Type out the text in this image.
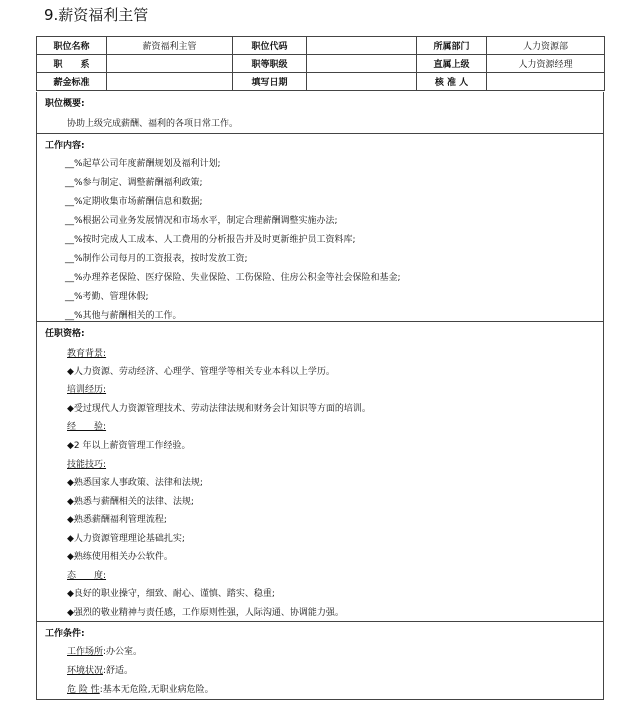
9.薪资福利主管
职位名称	薪资福利主管	职位代码		所属部门	人力资源部
职　　系		职等职级		直属上级	人力资源经理
薪金标准		填写日期		核 准 人	
职位概要:
协助上级完成薪酬、福利的各项日常工作。
工作内容:
__%起草公司年度薪酬规划及福利计划;
__%参与制定、调整薪酬福利政策;
__%定期收集市场薪酬信息和数据;
__%根据公司业务发展情况和市场水平，制定合理薪酬调整实施办法;
__%按时完成人工成本、人工费用的分析报告并及时更新维护员工资料库;
__%制作公司每月的工资报表，按时发放工资;
__%办理养老保险、医疗保险、失业保险、工伤保险、住房公积金等社会保险和基金;
__%考勤、管理休假;
__%其他与薪酬相关的工作。
任职资格:
教育背景:
◆人力资源、劳动经济、心理学、管理学等相关专业本科以上学历。
培训经历:
◆受过现代人力资源管理技术、劳动法律法规和财务会计知识等方面的培训。
经　　验:
◆2 年以上薪资管理工作经验。
技能技巧:
◆熟悉国家人事政策、法律和法规;
◆熟悉与薪酬相关的法律、法规;
◆熟悉薪酬福利管理流程;
◆人力资源管理理论基础扎实;
◆熟练使用相关办公软件。
态　　度:
◆良好的职业操守，细致、耐心、谨慎、踏实、稳重;
◆强烈的敬业精神与责任感，工作原则性强，人际沟通、协调能力强。
工作条件:
工作场所:办公室。
环境状况:舒适。
危 险 性:基本无危险,无职业病危险。
